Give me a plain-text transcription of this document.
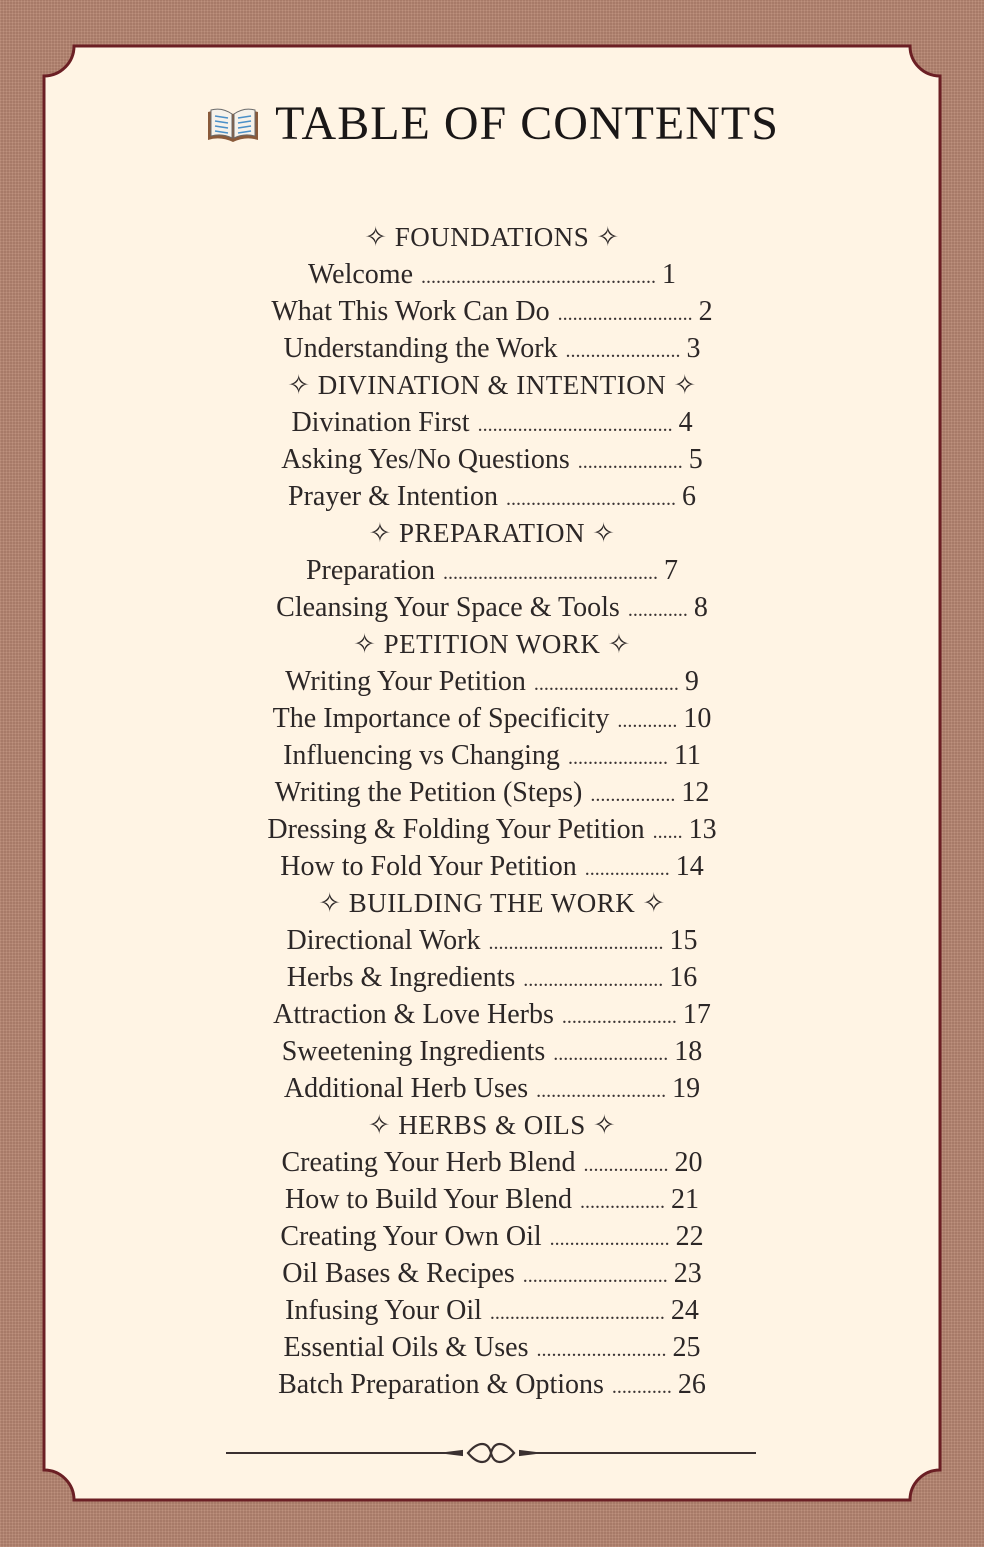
TABLE OF CONTENTS
✧ FOUNDATIONS ✧
Welcome ............................................... 1
What This Work Can Do ........................... 2
Understanding the Work ....................... 3
✧ DIVINATION & INTENTION ✧
Divination First ....................................... 4
Asking Yes/No Questions ..................... 5
Prayer & Intention .................................. 6
✧ PREPARATION ✧
Preparation ........................................... 7
Cleansing Your Space & Tools ............ 8
✧ PETITION WORK ✧
Writing Your Petition ............................. 9
The Importance of Specificity ............ 10
Influencing vs Changing .................... 11
Writing the Petition (Steps) ................. 12
Dressing & Folding Your Petition ...... 13
How to Fold Your Petition ................. 14
✧ BUILDING THE WORK ✧
Directional Work ................................... 15
Herbs & Ingredients ............................ 16
Attraction & Love Herbs ....................... 17
Sweetening Ingredients ....................... 18
Additional Herb Uses .......................... 19
✧ HERBS & OILS ✧
Creating Your Herb Blend ................. 20
How to Build Your Blend ................. 21
Creating Your Own Oil ........................ 22
Oil Bases & Recipes ............................. 23
Infusing Your Oil ................................... 24
Essential Oils & Uses .......................... 25
Batch Preparation & Options ............ 26
